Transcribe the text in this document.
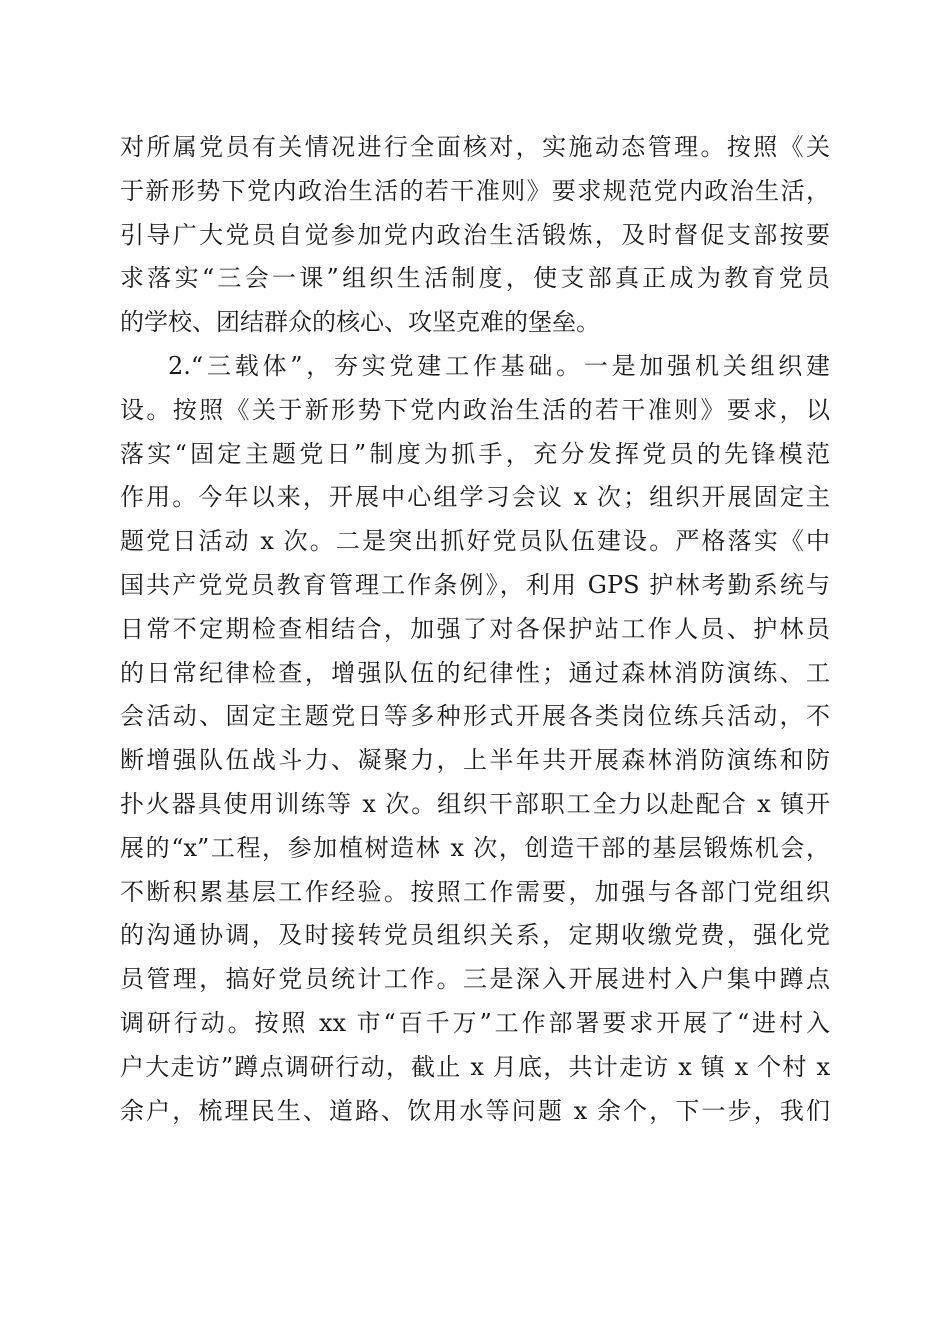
对所属党员有关情况进行全面核对，实施动态管理。按照《关
于新形势下党内政治生活的若干准则》要求规范党内政治生活，
引导广大党员自觉参加党内政治生活锻炼，及时督促支部按要
求落实“三会一课”组织生活制度，使支部真正成为教育党员
的学校、团结群众的核心、攻坚克难的堡垒。
2.“三载体”，夯实党建工作基础。一是加强机关组织建
设。按照《关于新形势下党内政治生活的若干准则》要求，以
落实“固定主题党日”制度为抓手，充分发挥党员的先锋模范
作用。今年以来，开展中心组学习会议 x 次；组织开展固定主
题党日活动 x 次。二是突出抓好党员队伍建设。严格落实《中
国共产党党员教育管理工作条例》，利用 GPS 护林考勤系统与
日常不定期检查相结合，加强了对各保护站工作人员、护林员
的日常纪律检查，增强队伍的纪律性；通过森林消防演练、工
会活动、固定主题党日等多种形式开展各类岗位练兵活动，不
断增强队伍战斗力、凝聚力，上半年共开展森林消防演练和防
扑火器具使用训练等 x 次。组织干部职工全力以赴配合 x 镇开
展的“x”工程，参加植树造林 x 次，创造干部的基层锻炼机会，
不断积累基层工作经验。按照工作需要，加强与各部门党组织
的沟通协调，及时接转党员组织关系，定期收缴党费，强化党
员管理，搞好党员统计工作。三是深入开展进村入户集中蹲点
调研行动。按照 xx 市“百千万”工作部署要求开展了“进村入
户大走访”蹲点调研行动，截止 x 月底，共计走访 x 镇 x 个村 x
余户，梳理民生、道路、饮用水等问题 x 余个，下一步，我们
